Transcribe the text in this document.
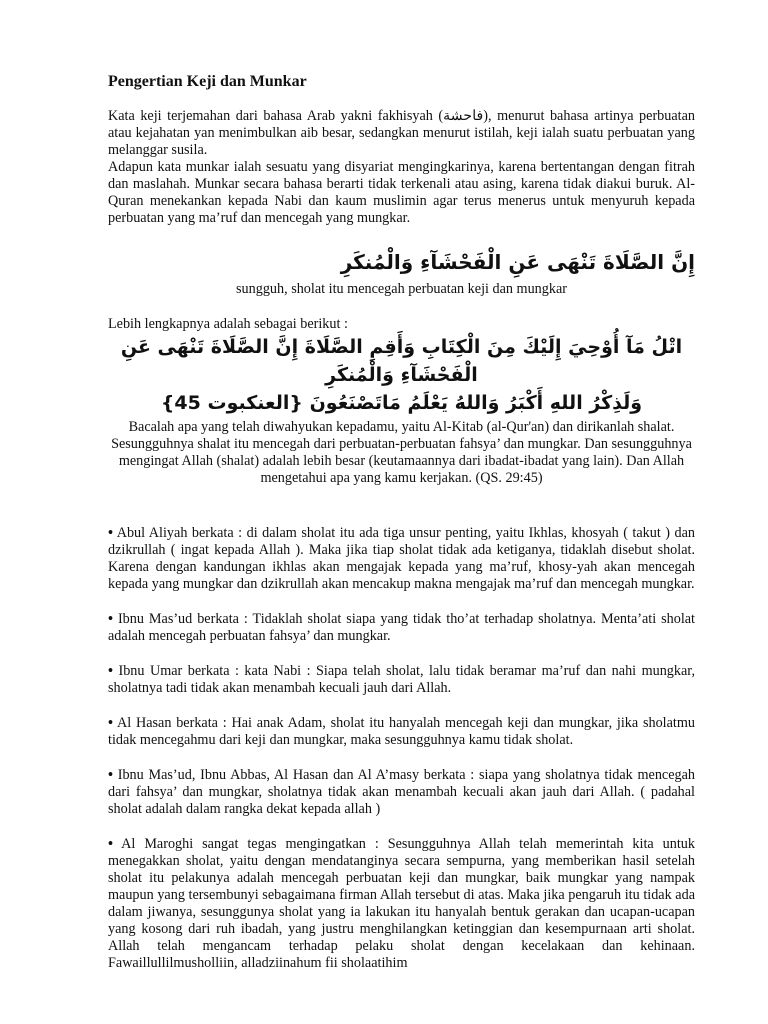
Pengertian Keji dan Munkar

Kata keji terjemahan dari bahasa Arab yakni fakhisyah (فاحشة), menurut bahasa artinya perbuatan atau kejahatan yan menimbulkan aib besar, sedangkan menurut istilah, keji ialah suatu perbuatan yang melanggar susila.

Adapun kata munkar ialah sesuatu yang disyariat mengingkarinya, karena bertentangan dengan fitrah dan maslahah. Munkar secara bahasa berarti tidak terkenali atau asing, karena tidak diakui buruk. Al-Quran menekankan kepada Nabi dan kaum muslimin agar terus menerus untuk menyuruh kepada perbuatan yang ma’ruf dan mencegah yang mungkar.

إِنَّ الصَّلَاةَ تَنْهَى عَنِ الْفَحْشَآءِ وَالْمُنكَرِ

sungguh, sholat itu mencegah perbuatan keji dan mungkar

Lebih lengkapnya adalah sebagai berikut :

اتْلُ مَآ أُوْحِيَ إِلَيْكَ مِنَ الْكِتَابِ وَأَقِمِ الصَّلَاةَ إِنَّ الصَّلَاةَ تَنْهَى عَنِ الْفَحْشَآءِ وَالْمُنكَرِ
وَلَذِكْرُ اللهِ أَكْبَرُ وَاللهُ يَعْلَمُ مَاتَصْنَعُونَ {العنكبوت 45}

Bacalah apa yang telah diwahyukan kepadamu, yaitu Al-Kitab (al-Qur'an) dan dirikanlah shalat. Sesungguhnya shalat itu mencegah dari perbuatan-perbuatan fahsya’ dan mungkar. Dan sesungguhnya mengingat Allah (shalat) adalah lebih besar (keutamaannya dari ibadat-ibadat yang lain). Dan Allah mengetahui apa yang kamu kerjakan. (QS. 29:45)

• Abul Aliyah berkata : di dalam sholat itu ada tiga unsur penting, yaitu Ikhlas, khosyah ( takut ) dan dzikrullah ( ingat kepada Allah ). Maka jika tiap sholat tidak ada ketiganya, tidaklah disebut sholat. Karena dengan kandungan ikhlas akan mengajak kepada yang ma’ruf, khosy-yah akan mencegah kepada yang mungkar dan dzikrullah akan mencakup makna mengajak ma’ruf dan mencegah mungkar.

• Ibnu Mas’ud berkata : Tidaklah sholat siapa yang tidak tho’at terhadap sholatnya. Menta’ati sholat adalah mencegah perbuatan fahsya’ dan mungkar.

• Ibnu Umar berkata : kata Nabi : Siapa telah sholat, lalu tidak beramar ma’ruf dan nahi mungkar, sholatnya tadi tidak akan menambah kecuali jauh dari Allah.

• Al Hasan berkata : Hai anak Adam, sholat itu hanyalah mencegah keji dan mungkar, jika sholatmu tidak mencegahmu dari keji dan mungkar, maka sesungguhnya kamu tidak sholat.

• Ibnu Mas’ud, Ibnu Abbas, Al Hasan dan Al A’masy berkata : siapa yang sholatnya tidak mencegah dari fahsya’ dan mungkar, sholatnya tidak akan menambah kecuali akan jauh dari Allah. ( padahal sholat adalah dalam rangka dekat kepada allah )

• Al Maroghi sangat tegas mengingatkan : Sesungguhnya Allah telah memerintah kita untuk menegakkan sholat, yaitu dengan mendatanginya secara sempurna, yang memberikan hasil setelah sholat itu pelakunya adalah mencegah perbuatan keji dan mungkar, baik mungkar yang nampak maupun yang tersembunyi sebagaimana firman Allah tersebut di atas. Maka jika pengaruh itu tidak ada dalam jiwanya, sesunggunya sholat yang ia lakukan itu hanyalah bentuk gerakan dan ucapan-ucapan yang kosong dari ruh ibadah, yang justru menghilangkan ketinggian dan kesempurnaan arti sholat. Allah telah mengancam terhadap pelaku sholat dengan kecelakaan dan kehinaan. Fawaillullilmusholliin, alladziinahum fii sholaatihim
